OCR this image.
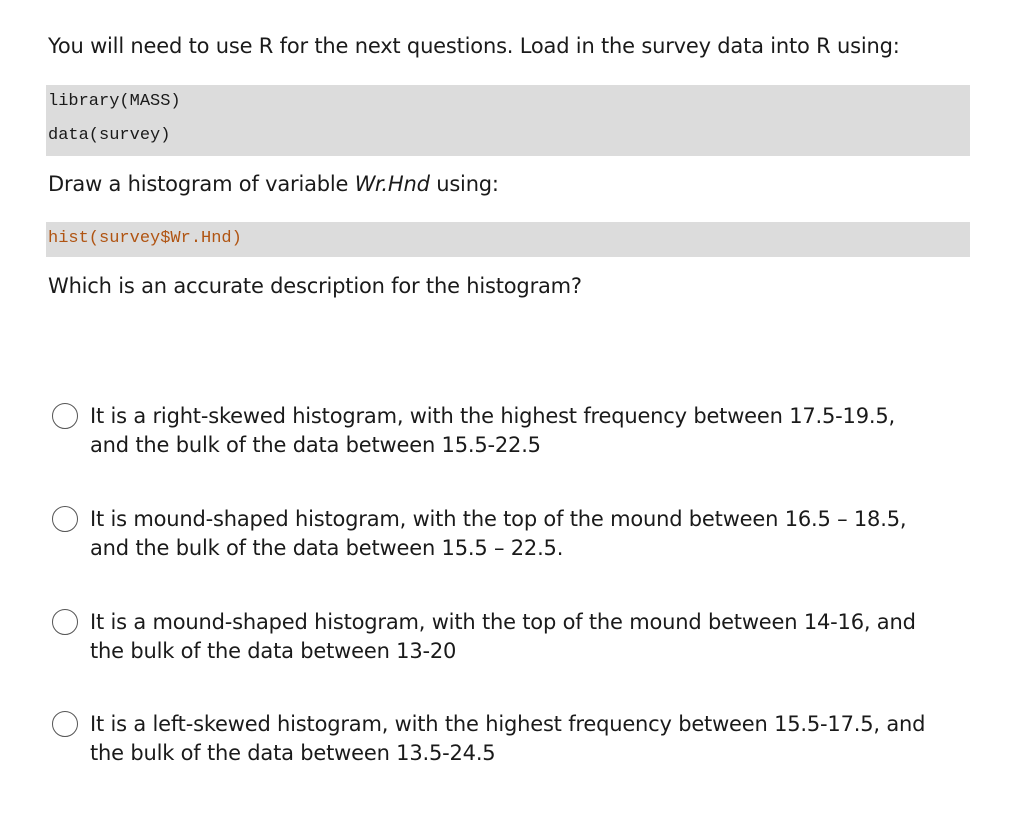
You will need to use R for the next questions. Load in the survey data into R using:

library(MASS)
data(survey)

Draw a histogram of variable Wr.Hnd using:

hist(survey$Wr.Hnd)

Which is an accurate description for the histogram?

It is a right-skewed histogram, with the highest frequency between 17.5-19.5,
and the bulk of the data between 15.5-22.5
It is mound-shaped histogram, with the top of the mound between 16.5 – 18.5,
and the bulk of the data between 15.5 – 22.5.
It is a mound-shaped histogram, with the top of the mound between 14-16, and
the bulk of the data between 13-20
It is a left-skewed histogram, with the highest frequency between 15.5-17.5, and
the bulk of the data between 13.5-24.5
